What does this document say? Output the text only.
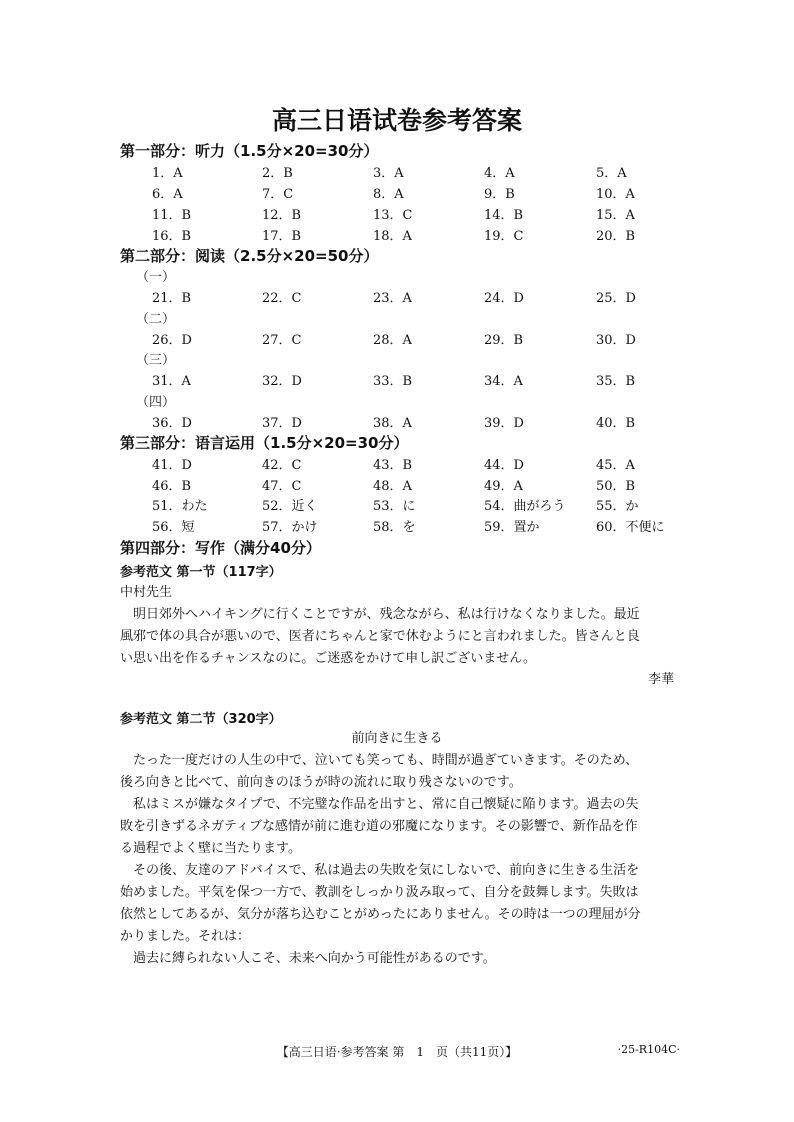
高三日语试卷参考答案
第一部分：听力（1.5分×20=30分）
1．A	2．B	3．A	4．A	5．A
6．A	7．C	8．A	9．B	10．A
11．B	12．B	13．C	14．B	15．A
16．B	17．B	18．A	19．C	20．B
第二部分：阅读（2.5分×20=50分）
（一）
21．B	22．C	23．A	24．D	25．D
（二）
26．D	27．C	28．A	29．B	30．D
（三）
31．A	32．D	33．B	34．A	35．B
（四）
36．D	37．D	38．A	39．D	40．B
第三部分：语言运用（1.5分×20=30分）
41．D	42．C	43．B	44．D	45．A
46．B	47．C	48．A	49．A	50．B
51．わた	52．近く	53．に	54．曲がろう 55．か
56．短	57．かけ	58．を	59．置か	60．不便に
第四部分：写作（满分40分）
参考范文 第一节（117字）
中村先生
　明日郊外へハイキングに行くことですが、残念ながら、私は行けなくなりました。最近
風邪で体の具合が悪いので、医者にちゃんと家で休むようにと言われました。皆さんと良
い思い出を作るチャンスなのに。ご迷惑をかけて申し訳ございません。
李華
参考范文 第二节（320字）
前向きに生きる
　たった一度だけの人生の中で、泣いても笑っても、時間が過ぎていきます。そのため、
後ろ向きと比べて、前向きのほうが時の流れに取り残さないのです。
　私はミスが嫌なタイプで、不完璧な作品を出すと、常に自己懐疑に陥ります。過去の失
敗を引きずるネガティブな感情が前に進む道の邪魔になります。その影響で、新作品を作
る過程でよく壁に当たります。
　その後、友達のアドバイスで、私は過去の失敗を気にしないで、前向きに生きる生活を
始めました。平気を保つ一方で、教訓をしっかり汲み取って、自分を鼓舞します。失敗は
依然としてあるが、気分が落ち込むことがめったにありません。その時は一つの理屈が分
かりました。それは：
　過去に縛られない人こそ、未来へ向かう可能性があるのです。
【高三日语·参考答案 第　1　页（共11页）】	·25-R104C·
